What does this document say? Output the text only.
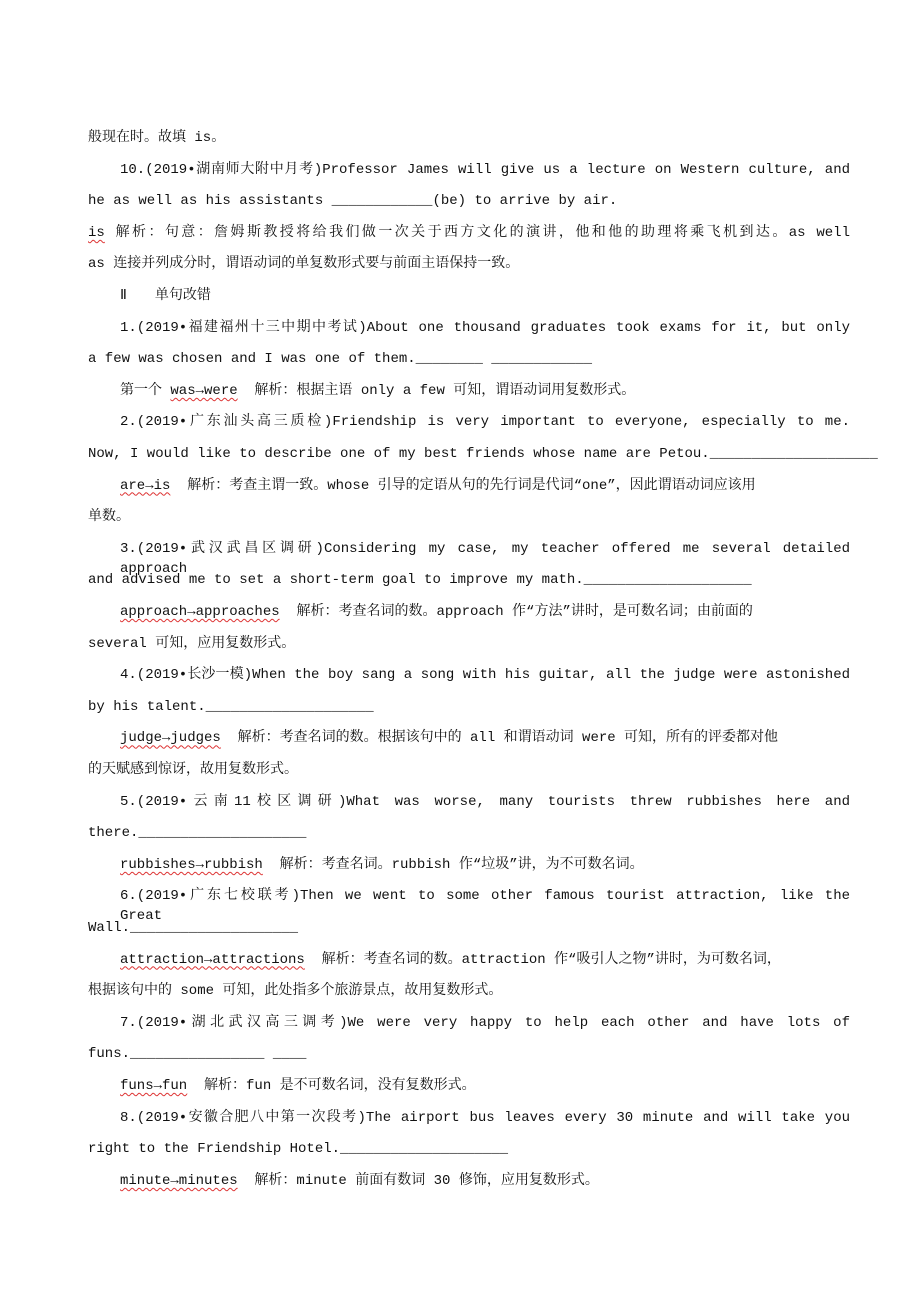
般现在时。故填 is。
10.(2019•湖南师大附中月考)Professor James will give us a lecture on Western culture, and
he as well as his assistants ____________(be) to arrive by air.
is 解析：句意：詹姆斯教授将给我们做一次关于西方文化的演讲，他和他的助理将乘飞机到达。as well
as 连接并列成分时，谓语动词的单复数形式要与前面主语保持一致。
Ⅱ　　单句改错
1.(2019•福建福州十三中期中考试)About one thousand graduates took exams for it, but only
a few was chosen and I was one of them.________ ____________
第一个 was→were  解析：根据主语 only a few 可知，谓语动词用复数形式。
2.(2019•广东汕头高三质检)Friendship is very important to everyone, especially to me.
Now, I would like to describe one of my best friends whose name are Petou.____________________
are→is  解析：考查主谓一致。whose 引导的定语从句的先行词是代词“one”，因此谓语动词应该用
单数。
3.(2019•武汉武昌区调研)Considering my case, my teacher offered me several detailed approach
and advised me to set a short-term goal to improve my math.____________________
approach→approaches  解析：考查名词的数。approach 作“方法”讲时，是可数名词；由前面的
several 可知，应用复数形式。
4.(2019•长沙一模)When the boy sang a song with his guitar, all the judge were astonished
by his talent.____________________
judge→judges  解析：考查名词的数。根据该句中的 all 和谓语动词 were 可知，所有的评委都对他
的天赋感到惊讶，故用复数形式。
5.(2019•云南11校区调研)What was worse, many tourists threw rubbishes here and
there.____________________
rubbishes→rubbish  解析：考查名词。rubbish 作“垃圾”讲，为不可数名词。
6.(2019•广东七校联考)Then we went to some other famous tourist attraction, like the Great
Wall.____________________
attraction→attractions  解析：考查名词的数。attraction 作“吸引人之物”讲时，为可数名词，
根据该句中的 some 可知，此处指多个旅游景点，故用复数形式。
7.(2019•湖北武汉高三调考)We were very happy to help each other and have lots of
funs.________________ ____
funs→fun  解析：fun 是不可数名词，没有复数形式。
8.(2019•安徽合肥八中第一次段考)The airport bus leaves every 30 minute and will take you
right to the Friendship Hotel.____________________
minute→minutes  解析：minute 前面有数词 30 修饰，应用复数形式。
